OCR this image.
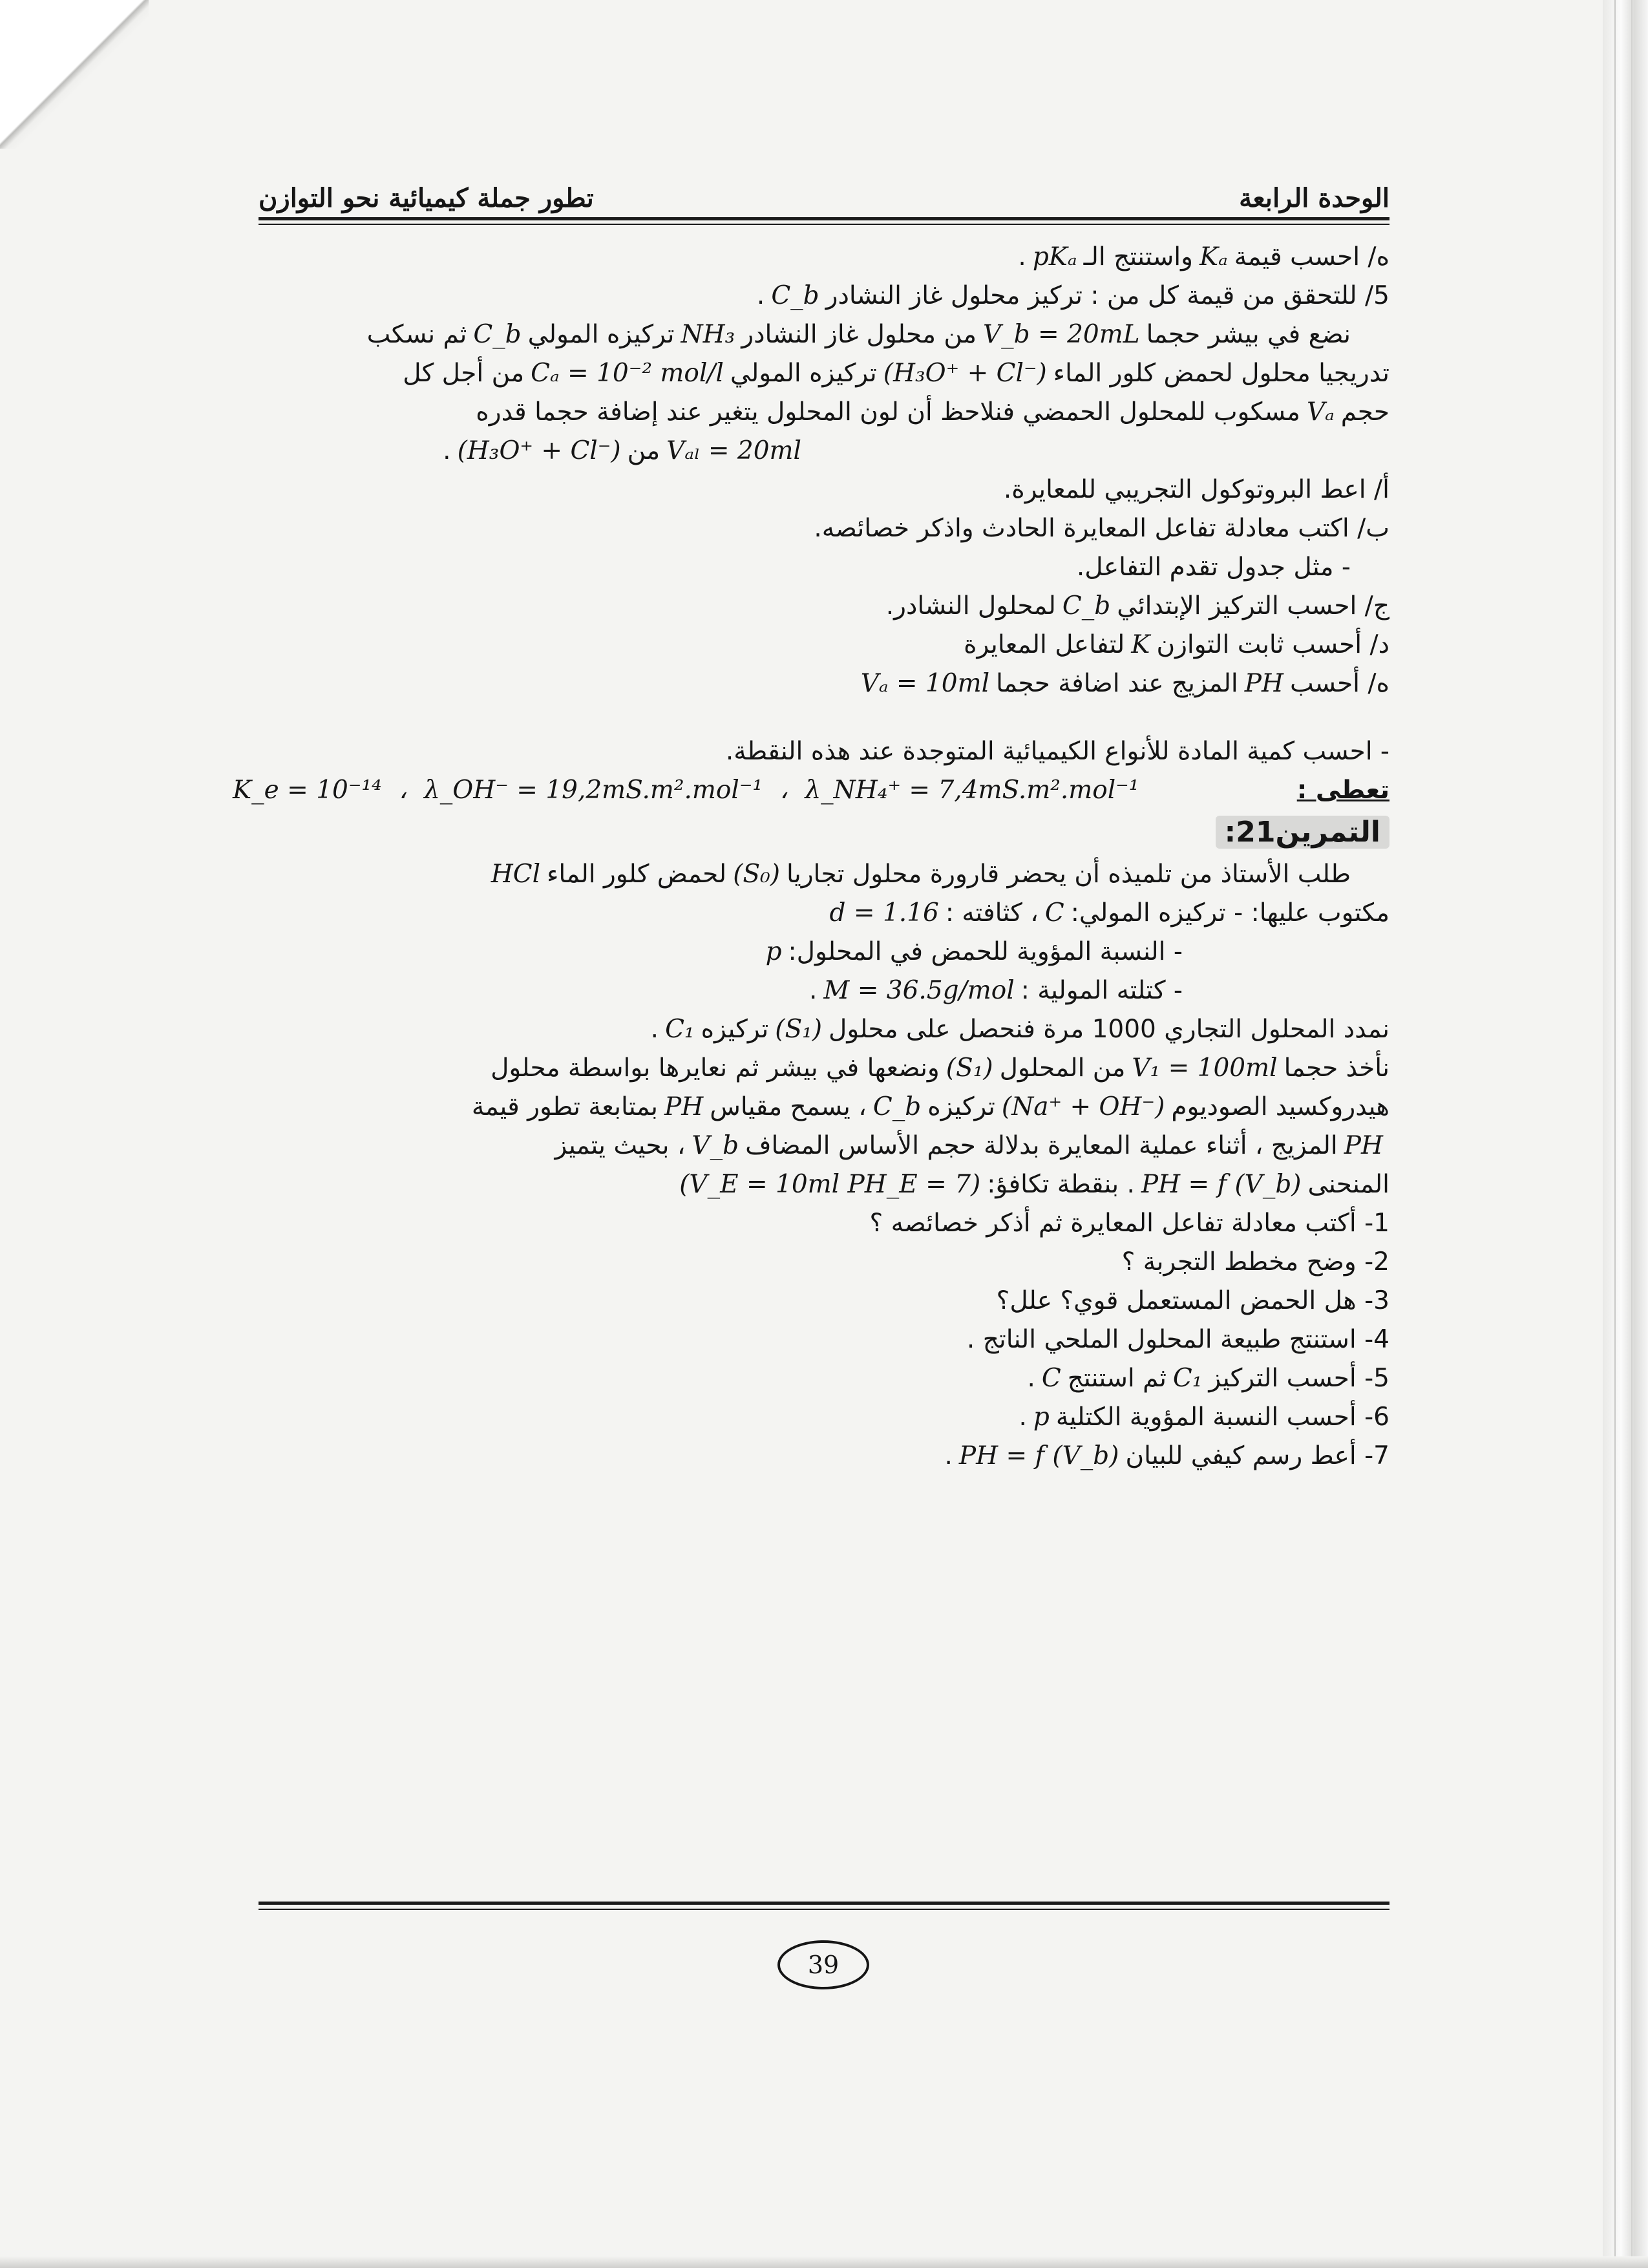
تطور جملة كيميائية نحو التوازن	الوحدة الرابعة
ه/ احسب قيمةKₐواستنتج الـpKₐ.
5/ للتحقق من قيمة كل من : تركيز محلول غاز النشادرC_b.
نضع في بيشر حجماV_b = 20mLمن محلول غاز النشادرNH₃تركيزه الموليC_bثم نسكب
تدريجيا محلول لحمض كلور الماء(H₃O⁺ + Cl⁻)تركيزه الموليCₐ = 10⁻² mol/lمن أجل كل
حجمVₐمسكوب للمحلول الحمضي فنلاحظ أن لون المحلول يتغير عند إضافة حجما قدره
Vₐₗ = 20mlمن(H₃O⁺ + Cl⁻).
أ/ اعط البروتوكول التجريبي للمعايرة.
ب/ اكتب معادلة تفاعل المعايرة الحادث واذكر خصائصه.
- مثل جدول تقدم التفاعل.
ج/ احسب التركيز الإبتدائيC_bلمحلول النشادر.
د/ أحسب ثابت التوازنKلتفاعل المعايرة
ه/ أحسبPHالمزيج عند اضافة حجماVₐ = 10ml
- احسب كمية المادة للأنواع الكيميائية المتوجدة عند هذه النقطة.
تعطى :
K_e = 10⁻¹⁴ ، λ_OH⁻ = 19,2mS.m².mol⁻¹ ، λ_NH₄⁺ = 7,4mS.m².mol⁻¹
التمرين21:
طلب الأستاذ من تلميذه أن يحضر قارورة محلول تجاريا(S₀)لحمض كلور الماءHCl
مكتوب عليها: - تركيزه المولي:C، كثافته :d = 1.16
- النسبة المؤوية للحمض في المحلول:p
- كتلته المولية :M = 36.5g/mol.
نمدد المحلول التجاري 1000 مرة فنحصل على محلول(S₁)تركيزهC₁.
نأخذ حجماV₁ = 100mlمن المحلول(S₁)ونضعها في بيشر ثم نعايرها بواسطة محلول
هيدروكسيد الصوديوم(Na⁺ + OH⁻)تركيزهC_b، يسمح مقياسPHبمتابعة تطور قيمة
PHالمزيج ، أثناء عملية المعايرة بدلالة حجم الأساس المضافV_b، بحيث يتميز
المنحنىPH = f (V_b). بنقطة تكافؤ:(V_E = 10ml PH_E = 7)
1- أكتب معادلة تفاعل المعايرة ثم أذكر خصائصه ؟
2- وضح مخطط التجربة ؟
3- هل الحمض المستعمل قوي؟ علل؟
4- استنتج طبيعة المحلول الملحي الناتج .
5- أحسب التركيزC₁ثم استنتجC.
6- أحسب النسبة المؤوية الكتليةp.
7- أعط رسم كيفي للبيانPH = f (V_b).
39
